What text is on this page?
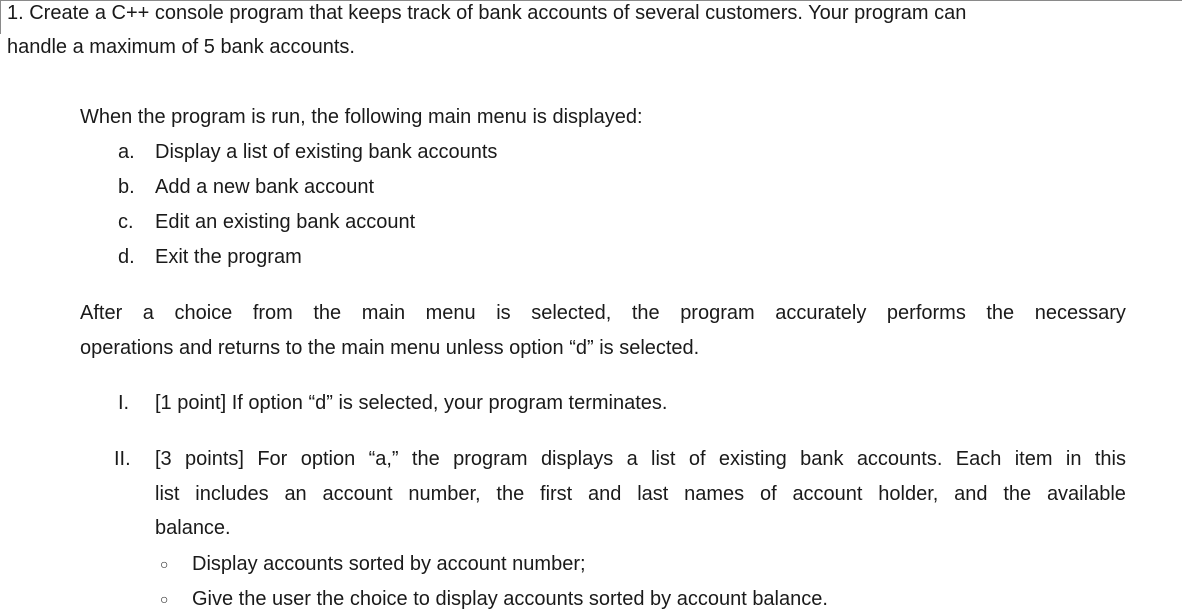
1. Create a C++ console program that keeps track of bank accounts of several customers. Your program can
handle a maximum of 5 bank accounts.
When the program is run, the following main menu is displayed:
a. Display a list of existing bank accounts
b. Add a new bank account
c. Edit an existing bank account
d. Exit the program
After a choice from the main menu is selected, the program accurately performs the necessary
operations and returns to the main menu unless option “d” is selected.
I. [1 point] If option “d” is selected, your program terminates.
II. [3 points] For option “a,” the program displays a list of existing bank accounts. Each item in this
list includes an account number, the first and last names of account holder, and the available
balance.
○ Display accounts sorted by account number;
○ Give the user the choice to display accounts sorted by account balance.
